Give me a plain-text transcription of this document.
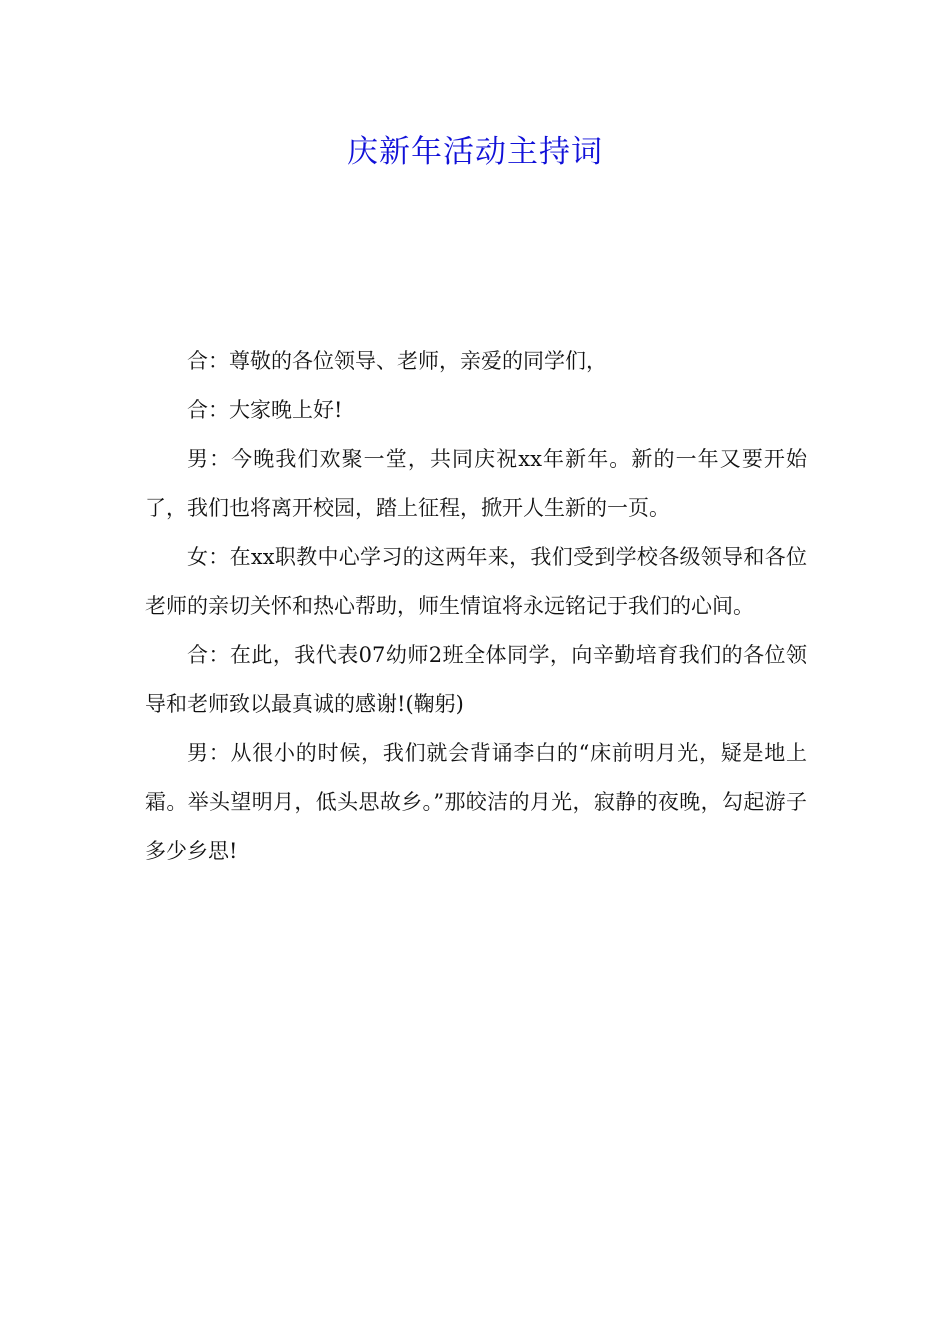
庆新年活动主持词

合：尊敬的各位领导、老师，亲爱的同学们，

合：大家晚上好!

男：今晚我们欢聚一堂，共同庆祝xx年新年。新的一年又要开始了，我们也将离开校园，踏上征程，掀开人生新的一页。

女：在xx职教中心学习的这两年来，我们受到学校各级领导和各位老师的亲切关怀和热心帮助，师生情谊将永远铭记于我们的心间。

合：在此，我代表07幼师2班全体同学，向辛勤培育我们的各位领导和老师致以最真诚的感谢!(鞠躬)

男：从很小的时候，我们就会背诵李白的“床前明月光，疑是地上霜。举头望明月，低头思故乡。”那皎洁的月光，寂静的夜晚，勾起游子多少乡思!
